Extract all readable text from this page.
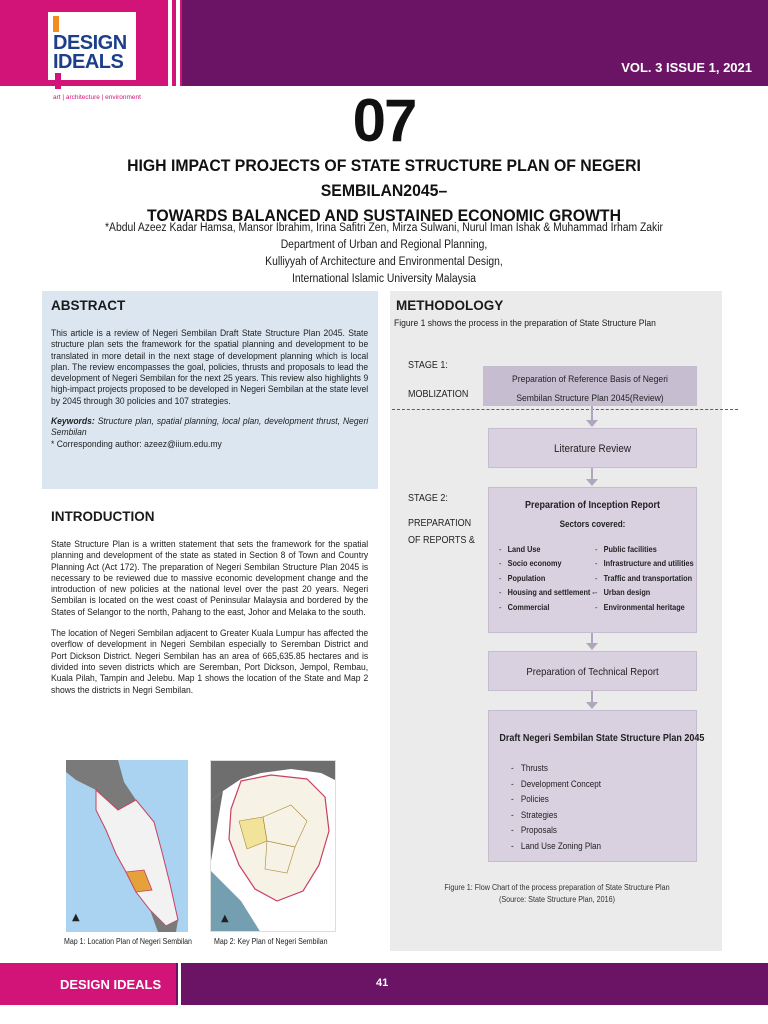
DESIGN
IDEALS
art | architecture | environment
VOL. 3 ISSUE 1, 2021
07
HIGH IMPACT PROJECTS OF STATE STRUCTURE PLAN OF NEGERI SEMBILAN2045–
TOWARDS BALANCED AND SUSTAINED ECONOMIC GROWTH
*Abdul Azeez Kadar Hamsa, Mansor Ibrahim, Irina Safitri Zen, Mirza Sulwani, Nurul Iman Ishak & Muhammad Irham Zakir
Department of Urban and Regional Planning,
Kulliyyah of Architecture and Environmental Design,
International Islamic University Malaysia
ABSTRACT

This article is a review of Negeri Sembilan Draft State Structure Plan 2045. State structure plan sets the framework for the spatial planning and development to be translated in more detail in the next stage of development planning which is local plan. The review encompasses the goal, policies, thrusts and proposals to lead the development of Negeri Sembilan for the next 25 years. This review also highlights 9 high-impact projects proposed to be developed in Negeri Sembilan at the state level by 2045 through 30 policies and 107 strategies.

Keywords: Structure plan, spatial planning, local plan, development thrust, Negeri Sembilan

* Corresponding author: azeez@iium.edu.my

INTRODUCTION

State Structure Plan is a written statement that sets the framework for the spatial planning and development of the state as stated in Section 8 of Town and Country Planning Act (Act 172). The preparation of Negeri Sembilan Structure Plan 2045 is necessary to be reviewed due to massive economic development change and the introduction of new policies at the national level over the past 20 years. Negeri Sembilan is located on the west coast of Peninsular Malaysia and bordered by the States of Selangor to the north, Pahang to the east, Johor and Melaka to the south.

The location of Negeri Sembilan adjacent to Greater Kuala Lumpur has affected the overflow of development in Negeri Sembilan especially to Seremban District and Port Dickson District. Negeri Sembilan has an area of 665,635.85 hectares and is divided into seven districts which are Seremban, Port Dickson, Jempol, Rembau, Kuala Pilah, Tampin and Jelebu. Map 1 shows the location of the State and Map 2 shows the districts in Negri Sembilan.

▲
Map 1: Location Plan of Negeri Sembilan
▲
Map 2: Key Plan of Negeri Sembilan
METHODOLOGY
Figure 1 shows the process in the preparation of State Structure Plan
STAGE 1:
MOBLIZATION
STAGE 2:
PREPARATION
OF REPORTS &
Preparation of Reference Basis of Negeri
Sembilan Structure Plan 2045(Review)
Literature Review
Preparation of Inception Report
Sectors covered:
- Land Use
- Socio economy
- Population
- Housing and settlement -
- Commercial
- Public facilities
- Infrastructure and utilities
- Traffic and transportation
- Urban design
- Environmental heritage
Preparation of Technical Report
Draft Negeri Sembilan State Structure Plan 2045
- Thrusts
- Development Concept
- Policies
- Strategies
- Proposals
- Land Use Zoning Plan
Figure 1: Flow Chart of the process preparation of State Structure Plan
(Source: State Structure Plan, 2016)
DESIGN IDEALS	41
